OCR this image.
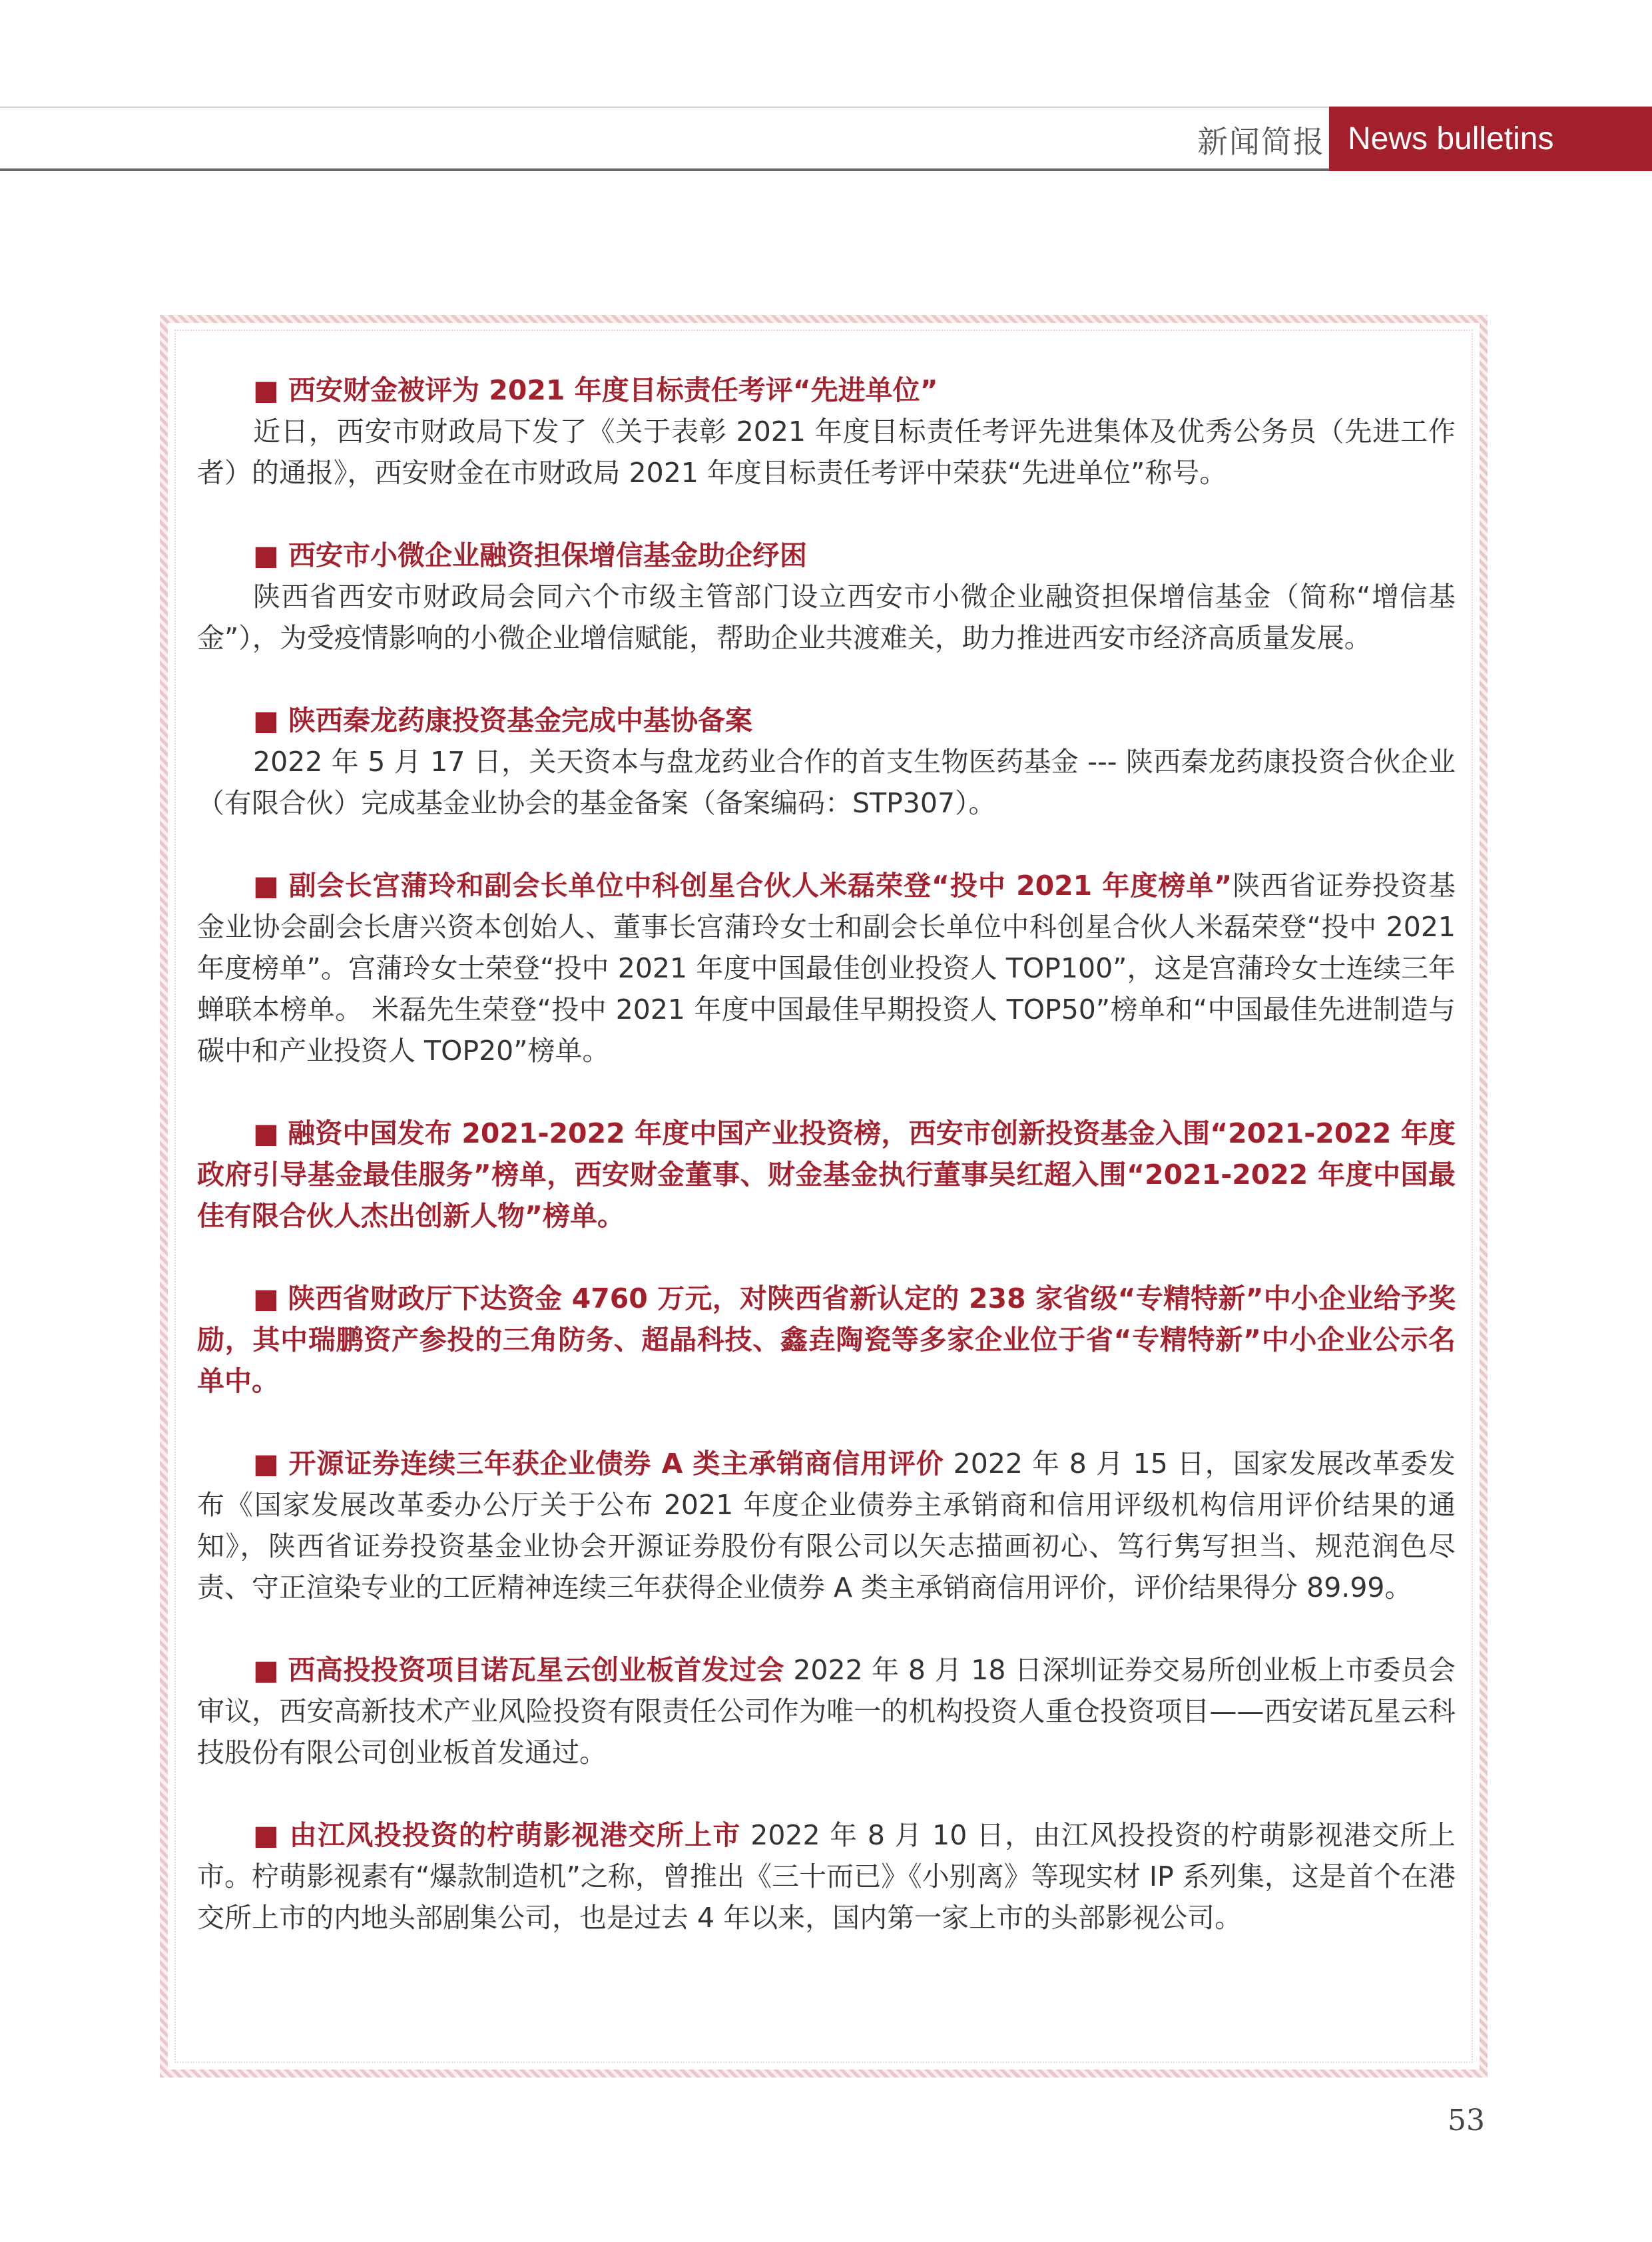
新闻简报 News bulletins
■ 西安财金被评为 2021 年度目标责任考评“先进单位”
近日，西安市财政局下发了《关于表彰 2021 年度目标责任考评先进集体及优秀公务员（先进工作者）的通报》，西安财金在市财政局 2021 年度目标责任考评中荣获“先进单位”称号。
■ 西安市小微企业融资担保增信基金助企纾困
陕西省西安市财政局会同六个市级主管部门设立西安市小微企业融资担保增信基金（简称“增信基金”），为受疫情影响的小微企业增信赋能，帮助企业共渡难关，助力推进西安市经济高质量发展。
■ 陕西秦龙药康投资基金完成中基协备案
2022 年 5 月 17 日，关天资本与盘龙药业合作的首支生物医药基金 --- 陕西秦龙药康投资合伙企业（有限合伙）完成基金业协会的基金备案（备案编码：STP307）。
■ 副会长宫蒲玲和副会长单位中科创星合伙人米磊荣登“投中 2021 年度榜单”陕西省证券投资基金业协会副会长唐兴资本创始人、董事长宫蒲玲女士和副会长单位中科创星合伙人米磊荣登“投中 2021 年度榜单”。宫蒲玲女士荣登“投中 2021 年度中国最佳创业投资人 TOP100”，这是宫蒲玲女士连续三年蝉联本榜单。 米磊先生荣登“投中 2021 年度中国最佳早期投资人 TOP50”榜单和“中国最佳先进制造与碳中和产业投资人 TOP20”榜单。
■ 融资中国发布 2021-2022 年度中国产业投资榜，西安市创新投资基金入围“2021-2022 年度政府引导基金最佳服务”榜单，西安财金董事、财金基金执行董事吴红超入围“2021-2022 年度中国最佳有限合伙人杰出创新人物”榜单。
■ 陕西省财政厅下达资金 4760 万元，对陕西省新认定的 238 家省级“专精特新”中小企业给予奖励，其中瑞鹏资产参投的三角防务、超晶科技、鑫垚陶瓷等多家企业位于省“专精特新”中小企业公示名单中。
■ 开源证券连续三年获企业债券 A 类主承销商信用评价 2022 年 8 月 15 日，国家发展改革委发布《国家发展改革委办公厅关于公布 2021 年度企业债券主承销商和信用评级机构信用评价结果的通知》，陕西省证券投资基金业协会开源证券股份有限公司以矢志描画初心、笃行隽写担当、规范润色尽责、守正渲染专业的工匠精神连续三年获得企业债券 A 类主承销商信用评价，评价结果得分 89.99。
■ 西高投投资项目诺瓦星云创业板首发过会 2022 年 8 月 18 日深圳证券交易所创业板上市委员会审议，西安高新技术产业风险投资有限责任公司作为唯一的机构投资人重仓投资项目——西安诺瓦星云科技股份有限公司创业板首发通过。
■ 由江风投投资的柠萌影视港交所上市 2022 年 8 月 10 日，由江风投投资的柠萌影视港交所上市。柠萌影视素有“爆款制造机”之称，曾推出《三十而已》《小别离》等现实材 IP 系列集，这是首个在港交所上市的内地头部剧集公司，也是过去 4 年以来，国内第一家上市的头部影视公司。
53
